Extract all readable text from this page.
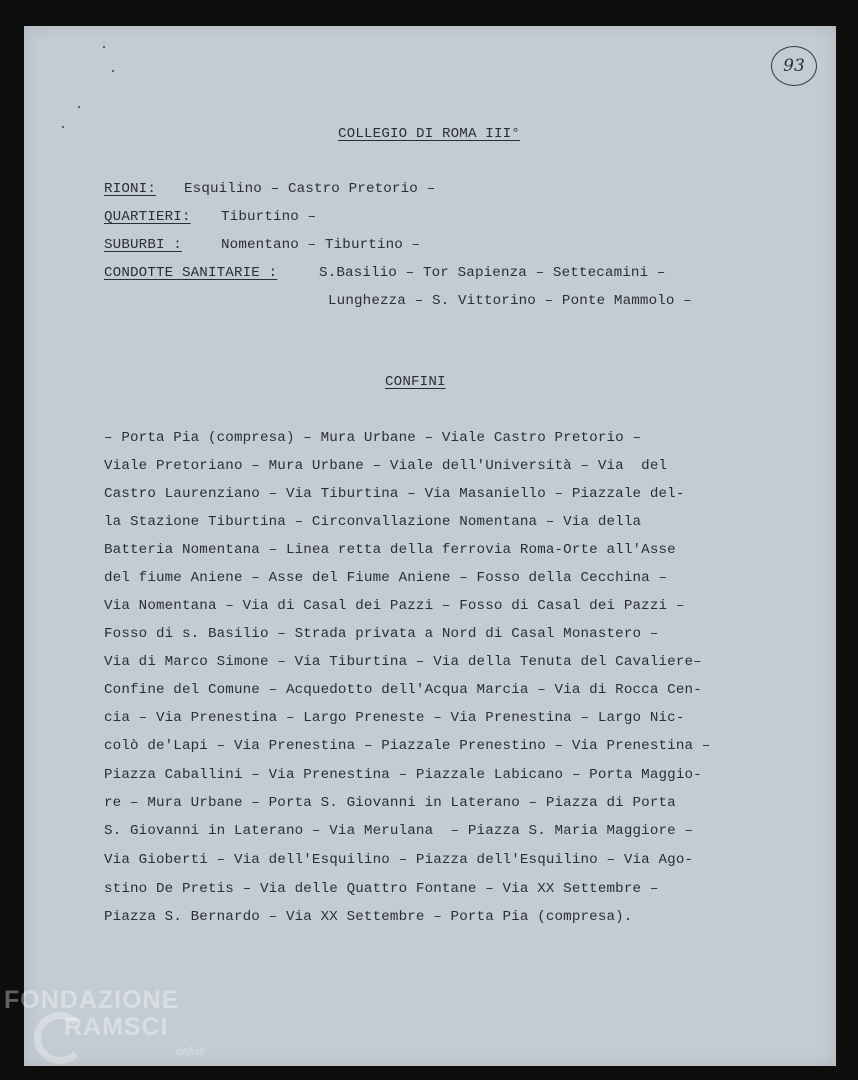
93
COLLEGIO DI ROMA III°
RIONI: Esquilino – Castro Pretorio –
QUARTIERI: Tiburtino –
SUBURBI :	Nomentano – Tiburtino –
CONDOTTE SANITARIE :	S.Basilio – Tor Sapienza – Settecamini –
Lunghezza – S. Vittorino – Ponte Mammolo –
CONFINI
– Porta Pia (compresa) – Mura Urbane – Viale Castro Pretorio –
Viale Pretoriano – Mura Urbane – Viale dell'Università – Via  del
Castro Laurenziano – Via Tiburtina – Via Masaniello – Piazzale del-
la Stazione Tiburtina – Circonvallazione Nomentana – Via della
Batteria Nomentana – Linea retta della ferrovia Roma-Orte all'Asse
del fiume Aniene – Asse del Fiume Aniene – Fosso della Cecchina –
Via Nomentana – Via di Casal dei Pazzi – Fosso di Casal dei Pazzi –
Fosso di s. Basilio – Strada privata a Nord di Casal Monastero –
Via di Marco Simone – Via Tiburtina – Via della Tenuta del Cavaliere–
Confine del Comune – Acquedotto dell'Acqua Marcia – Via di Rocca Cen-
cia – Via Prenestina – Largo Preneste – Via Prenestina – Largo Nic-
colò de'Lapi – Via Prenestina – Piazzale Prenestino – Via Prenestina –
Piazza Caballini – Via Prenestina – Piazzale Labicano – Porta Maggio-
re – Mura Urbane – Porta S. Giovanni in Laterano – Piazza di Porta
S. Giovanni in Laterano – Via Merulana  – Piazza S. Maria Maggiore –
Via Gioberti – Via dell'Esquilino – Piazza dell'Esquilino – Via Ago-
stino De Pretis – Via delle Quattro Fontane – Via XX Settembre –
Piazza S. Bernardo – Via XX Settembre – Porta Pia (compresa).
FONDAZIONE
RAMSCI
onlus
